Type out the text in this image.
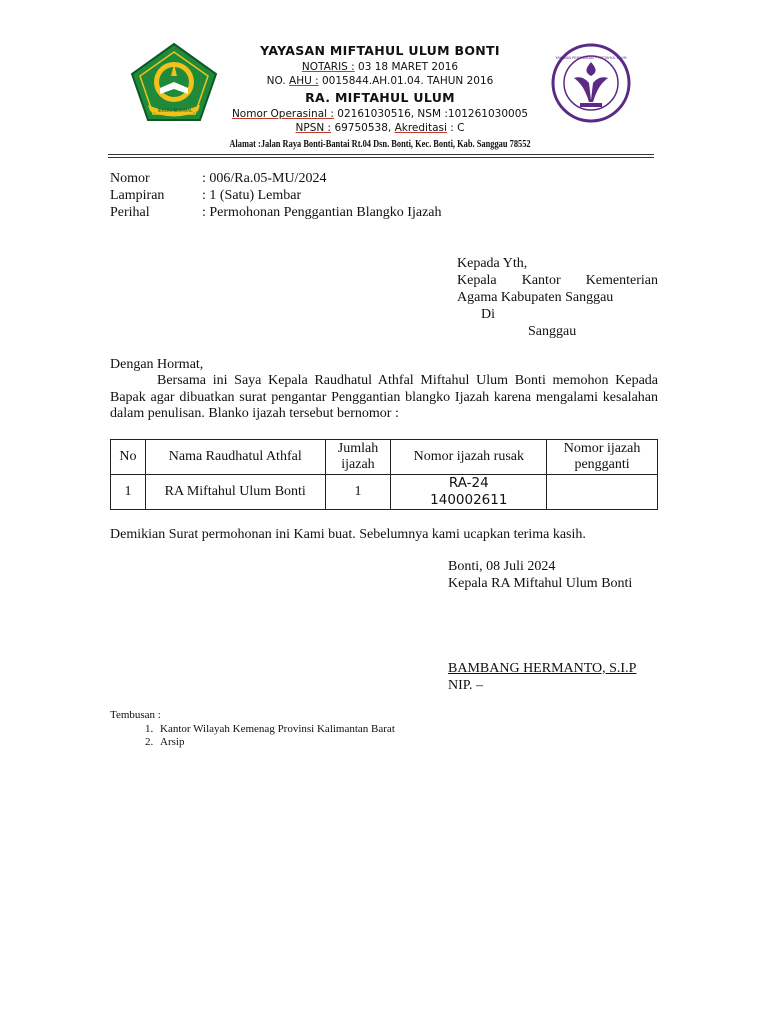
IKHLAS BERAMAL
YAYASAN MIFTAHUL ULUM BONTI
NOTARIS : 03 18 MARET 2016
NO. AHU : 0015844.AH.01.04. TAHUN 2016
RA. MIFTAHUL ULUM
Nomor Operasinal : 02161030516, NSM :101261030005
NPSN : 69750538, Akreditasi : C
Alamat :Jalan Raya Bonti-Bantai Rt.04 Dsn. Bonti, Kec. Bonti, Kab. Sanggau 78552
YAYASAN PENDIDIKAN • MIFTAHUL ULUM
Nomor	: 006/Ra.05-MU/2024
Lampiran	: 1 (Satu) Lembar
Perihal	: Permohonan Penggantian Blangko Ijazah
Kepada Yth,
Kepala Kantor Kementerian
Agama Kabupaten Sanggau
Di
Sanggau
Dengan Hormat,
Bersama ini Saya Kepala Raudhatul Athfal Miftahul Ulum Bonti memohon Kepada Bapak agar dibuatkan surat pengantar Penggantian blangko Ijazah karena mengalami kesalahan dalam penulisan. Blanko ijazah tersebut bernomor :
No	Nama Raudhatul Athfal	Jumlah ijazah	Nomor ijazah rusak	Nomor ijazah pengganti
1	RA Miftahul Ulum Bonti	1	RA-24
140002611	

Demikian Surat permohonan ini Kami buat. Sebelumnya kami ucapkan terima kasih.
Bonti, 08 Juli 2024
Kepala RA Miftahul Ulum Bonti
BAMBANG HERMANTO, S.I.P
NIP. –
Tembusan :
1. Kantor Wilayah Kemenag Provinsi Kalimantan Barat
2. Arsip
